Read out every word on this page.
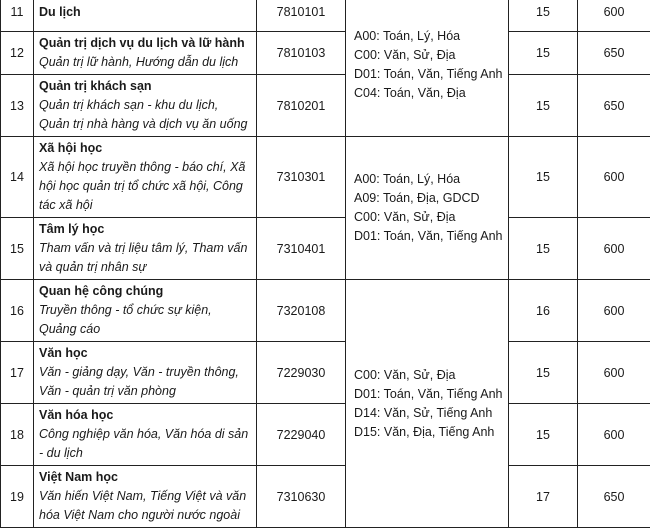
11	Du lịch	7810101	A00: Toán, Lý, Hóa
C00: Văn, Sử, Địa
D01: Toán, Văn, Tiếng Anh
C04: Toán, Văn, Địa	15	600
12	Quản trị dịch vụ du lịch và lữ hành
Quản trị lữ hành, Hướng dẫn du lịch	7810103		15	650
13	Quản trị khách sạn
Quản trị khách sạn - khu du lịch, Quản trị nhà hàng và dịch vụ ăn uống	7810201		15	650
14	Xã hội học
Xã hội học truyền thông - báo chí, Xã hội học quản trị tổ chức xã hội, Công tác xã hội	7310301	A00: Toán, Lý, Hóa
A09: Toán, Địa, GDCD
C00: Văn, Sử, Địa
D01: Toán, Văn, Tiếng Anh	15	600
15	Tâm lý học
Tham vấn và trị liệu tâm lý, Tham vấn và quản trị nhân sự	7310401		15	600
16	Quan hệ công chúng
Truyền thông - tổ chức sự kiện, Quảng cáo	7320108	C00: Văn, Sử, Địa
D01: Toán, Văn, Tiếng Anh
D14: Văn, Sử, Tiếng Anh
D15: Văn, Địa, Tiếng Anh	16	600
17	Văn học
Văn - giảng dạy, Văn - truyền thông, Văn - quản trị văn phòng	7229030		15	600
18	Văn hóa học
Công nghiệp văn hóa, Văn hóa di sản - du lịch	7229040		15	600
19	Việt Nam học
Văn hiến Việt Nam, Tiếng Việt và văn hóa Việt Nam cho người nước ngoài	7310630		17	650
